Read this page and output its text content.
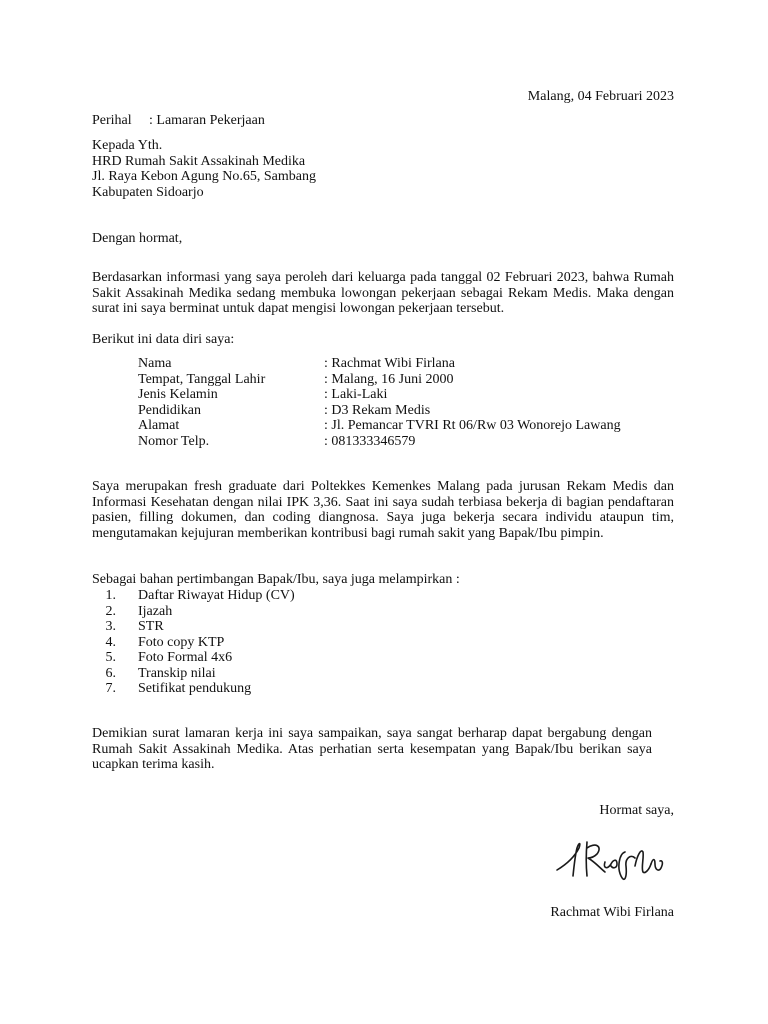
Malang, 04 Februari 2023

Perihal : Lamaran Pekerjaan
Kepada Yth.
HRD Rumah Sakit Assakinah Medika
Jl. Raya Kebon Agung No.65, Sambang
Kabupaten Sidoarjo

Dengan hormat,

Berdasarkan informasi yang saya peroleh dari keluarga pada tanggal 02 Februari 2023, bahwa Rumah Sakit Assakinah Medika sedang membuka lowongan pekerjaan sebagai Rekam Medis. Maka dengan surat ini saya berminat untuk dapat mengisi lowongan pekerjaan tersebut.

Berikut ini data diri saya:

Nama	: Rachmat Wibi Firlana
Tempat, Tanggal Lahir	: Malang, 16 Juni 2000
Jenis Kelamin	: Laki-Laki
Pendidikan	: D3 Rekam Medis
Alamat	: Jl. Pemancar TVRI Rt 06/Rw 03 Wonorejo Lawang
Nomor Telp.	: 081333346579

Saya merupakan fresh graduate dari Poltekkes Kemenkes Malang pada jurusan Rekam Medis dan Informasi Kesehatan dengan nilai IPK 3,36. Saat ini saya sudah terbiasa bekerja di bagian pendaftaran pasien, filling dokumen, dan coding diangnosa. Saya juga bekerja secara individu ataupun tim, mengutamakan kejujuran memberikan kontribusi bagi rumah sakit yang Bapak/Ibu pimpin.

Sebagai bahan pertimbangan Bapak/Ibu, saya juga melampirkan :

1. Daftar Riwayat Hidup (CV)
2. Ijazah
3. STR
4. Foto copy KTP
5. Foto Formal 4x6
6. Transkip nilai
7. Setifikat pendukung

Demikian surat lamaran kerja ini saya sampaikan, saya sangat berharap dapat bergabung dengan Rumah Sakit Assakinah Medika. Atas perhatian serta kesempatan yang Bapak/Ibu berikan saya ucapkan terima kasih.

Hormat saya,

Rachmat Wibi Firlana
